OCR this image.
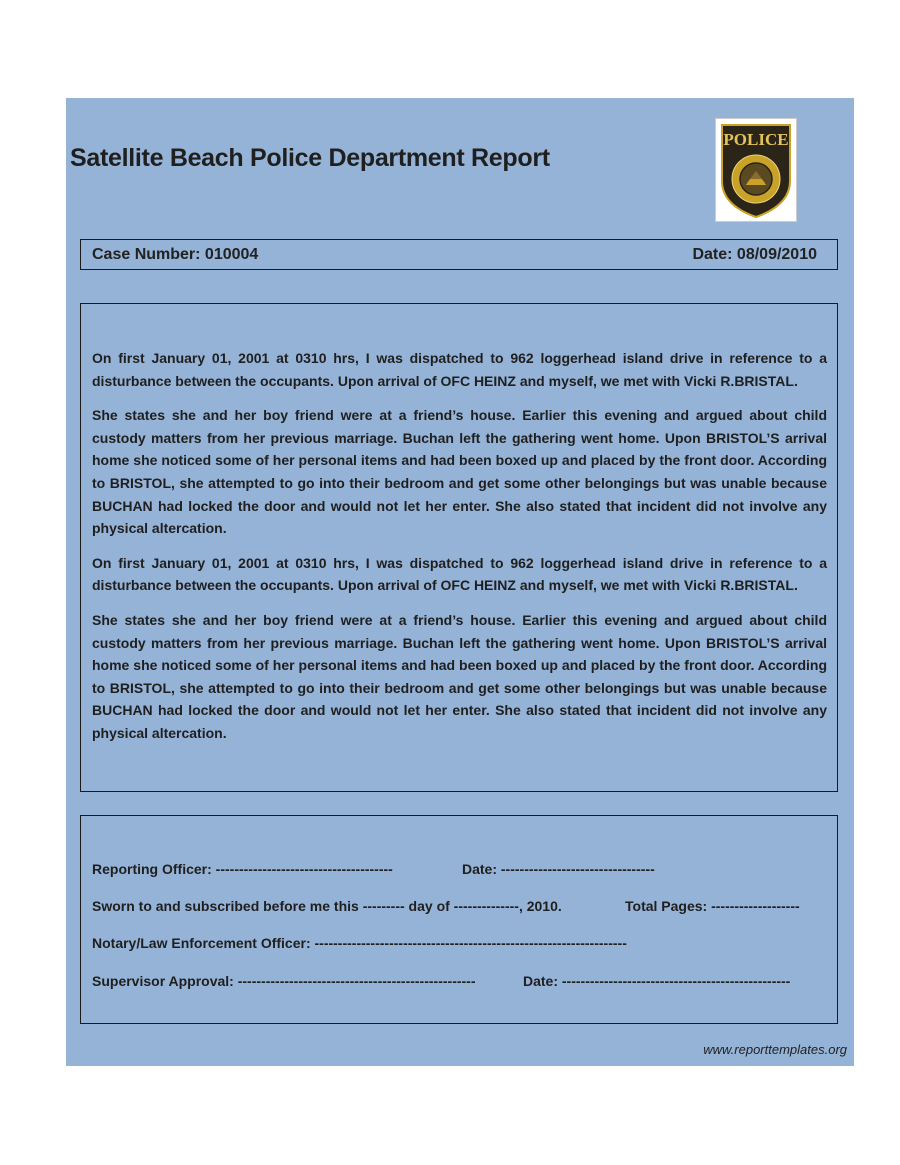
Satellite Beach Police Department Report
POLICE
Case Number: 010004	Date: 08/09/2010

On first January 01, 2001 at 0310 hrs, I was dispatched to 962 loggerhead island drive in reference to a disturbance between the occupants. Upon arrival of OFC HEINZ and myself, we met with Vicki R.BRISTAL.

She states she and her boy friend were at a friend’s house. Earlier this evening and argued about child custody matters from her previous marriage. Buchan left the gathering went home. Upon BRISTOL’S arrival home she noticed some of her personal items and had been boxed up and placed by the front door. According to BRISTOL, she attempted to go into their bedroom and get some other belongings but was unable because BUCHAN had locked the door and would not let her enter. She also stated that incident did not involve any physical altercation.

On first January 01, 2001 at 0310 hrs, I was dispatched to 962 loggerhead island drive in reference to a disturbance between the occupants. Upon arrival of OFC HEINZ and myself, we met with Vicki R.BRISTAL.

She states she and her boy friend were at a friend’s house. Earlier this evening and argued about child custody matters from her previous marriage. Buchan left the gathering went home. Upon BRISTOL’S arrival home she noticed some of her personal items and had been boxed up and placed by the front door. According to BRISTOL, she attempted to go into their bedroom and get some other belongings but was unable because BUCHAN had locked the door and would not let her enter. She also stated that incident did not involve any physical altercation.

Reporting Officer: --------------------------------------	Date: ---------------------------------
Sworn to and subscribed before me this --------- day of --------------, 2010.	Total Pages: -------------------
Notary/Law Enforcement Officer: -------------------------------------------------------------------
Supervisor Approval: ---------------------------------------------------	Date: -------------------------------------------------
www.reporttemplates.org
